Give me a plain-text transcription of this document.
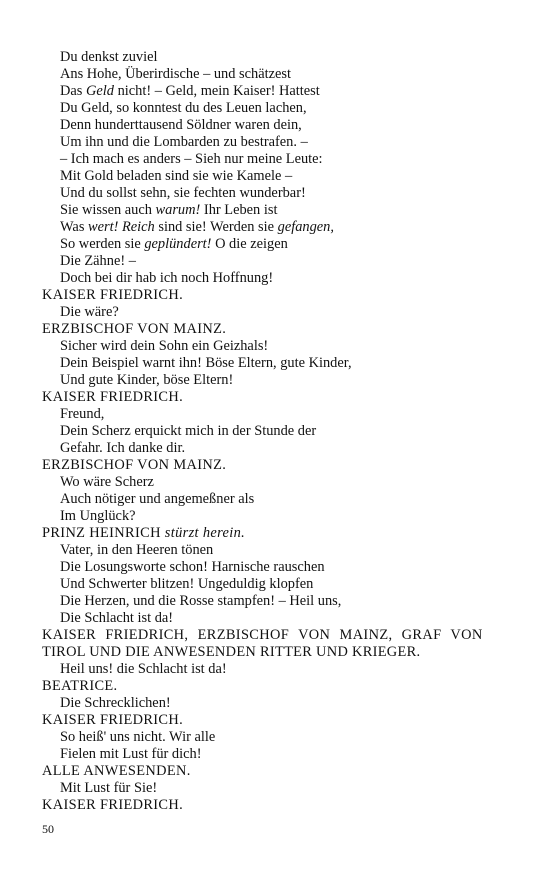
Du denkst zuviel
Ans Hohe, Überirdische – und schätzest
Das Geld nicht! – Geld, mein Kaiser! Hattest
Du Geld, so konntest du des Leuen lachen,
Denn hunderttausend Söldner waren dein,
Um ihn und die Lombarden zu bestrafen. –
– Ich mach es anders – Sieh nur meine Leute:
Mit Gold beladen sind sie wie Kamele –
Und du sollst sehn, sie fechten wunderbar!
Sie wissen auch warum! Ihr Leben ist
Was wert! Reich sind sie! Werden sie gefangen,
So werden sie geplündert! O die zeigen
Die Zähne! –
Doch bei dir hab ich noch Hoffnung!
KAISER FRIEDRICH.
Die wäre?
ERZBISCHOF VON MAINZ.
Sicher wird dein Sohn ein Geizhals!
Dein Beispiel warnt ihn! Böse Eltern, gute Kinder,
Und gute Kinder, böse Eltern!
KAISER FRIEDRICH.
Freund,
Dein Scherz erquickt mich in der Stunde der
Gefahr. Ich danke dir.
ERZBISCHOF VON MAINZ.
Wo wäre Scherz
Auch nötiger und angemeßner als
Im Unglück?
PRINZ HEINRICH stürzt herein.
Vater, in den Heeren tönen
Die Losungsworte schon! Harnische rauschen
Und Schwerter blitzen! Ungeduldig klopfen
Die Herzen, und die Rosse stampfen! – Heil uns,
Die Schlacht ist da!
KAISER FRIEDRICH, ERZBISCHOF VON MAINZ, GRAF VON
TIROL UND DIE ANWESENDEN RITTER UND KRIEGER.
Heil uns! die Schlacht ist da!
BEATRICE.
Die Schrecklichen!
KAISER FRIEDRICH.
So heiß' uns nicht. Wir alle
Fielen mit Lust für dich!
ALLE ANWESENDEN.
Mit Lust für Sie!
KAISER FRIEDRICH.
50
